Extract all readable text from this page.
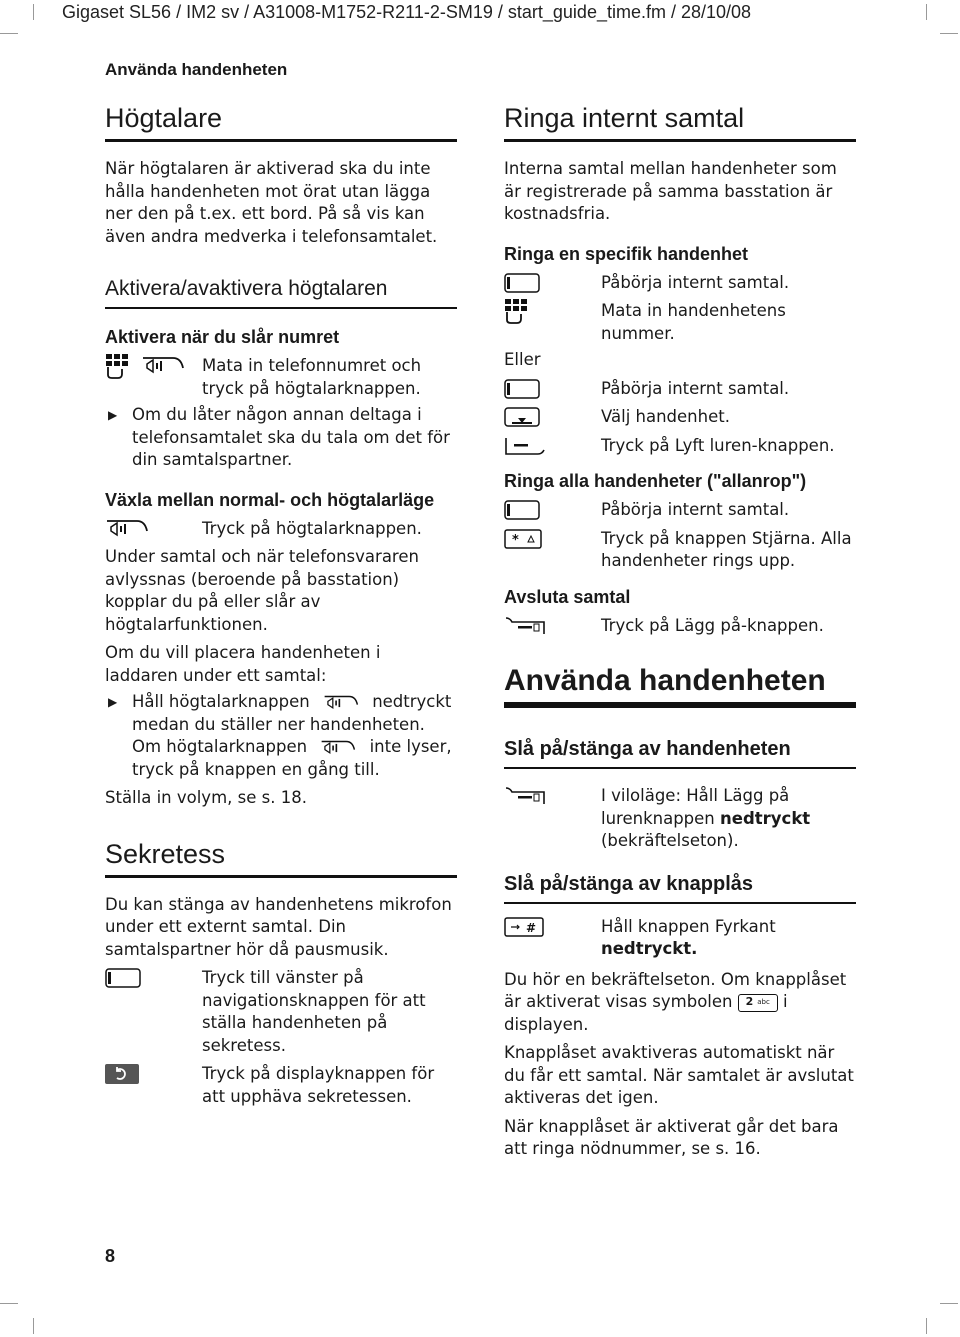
Gigaset SL56 / IM2 sv / A31008-M1752-R211-2-SM19 / start_guide_time.fm / 28/10/08
Använda handenheten
Högtalare

När högtalaren är aktiverad ska du inte hålla handenheten mot örat utan lägga ner den på t.ex. ett bord. På så vis kan även andra medverka i telefonsamtalet.

Aktivera/avaktivera högtalaren
Aktivera när du slår numret
Mata in telefonnumret och tryck på högtalarknappen.
▶ Om du låter någon annan deltaga i telefonsamtalet ska du tala om det för din samtalspartner.
Växla mellan normal- och högtalarläge
Tryck på högtalarknappen.

Under samtal och när telefonsvararen avlyssnas (beroende på basstation) kopplar du på eller slår av högtalarfunktionen.

Om du vill placera handenheten i laddaren under ett samtal:

▶ Håll högtalarknappen	nedtryckt medan du ställer ner handenheten. Om högtalarknappen	inte lyser, tryck på knappen en gång till.

Ställa in volym, se s. 18.

Sekretess

Du kan stänga av handenhetens mikrofon under ett externt samtal. Din samtalspartner hör då pausmusik.

Tryck till vänster på navigationsknappen för att ställa handenheten på sekretess.
Tryck på displayknappen för att upphäva sekretessen.
Ringa internt samtal

Interna samtal mellan handenheter som är registrerade på samma basstation är kostnadsfria.

Ringa en specifik handenhet
Påbörja internt samtal.
Mata in handenhetens nummer.

Eller

Påbörja internt samtal.
Välj handenhet.
Tryck på Lyft luren-knappen.
Ringa alla handenheter ("allanrop")
Påbörja internt samtal.
*	Tryck på knappen Stjärna. Alla handenheter rings upp.
Avsluta samtal
Tryck på Lägg på-knappen.
Använda handenheten
Slå på/stänga av handenheten
I viloläge: Håll Lägg på lurenknappen nedtryckt (bekräftelseton).
Slå på/stänga av knapplås
#	Håll knappen Fyrkant nedtryckt.

Du hör en bekräftelseton. Om knapplåset är aktiverat visas symbolen 2 abc i displayen.

Knapplåset avaktiveras automatiskt när du får ett samtal. När samtalet är avslutat aktiveras det igen.

När knapplåset är aktiverat går det bara att ringa nödnummer, se s. 16.

8
